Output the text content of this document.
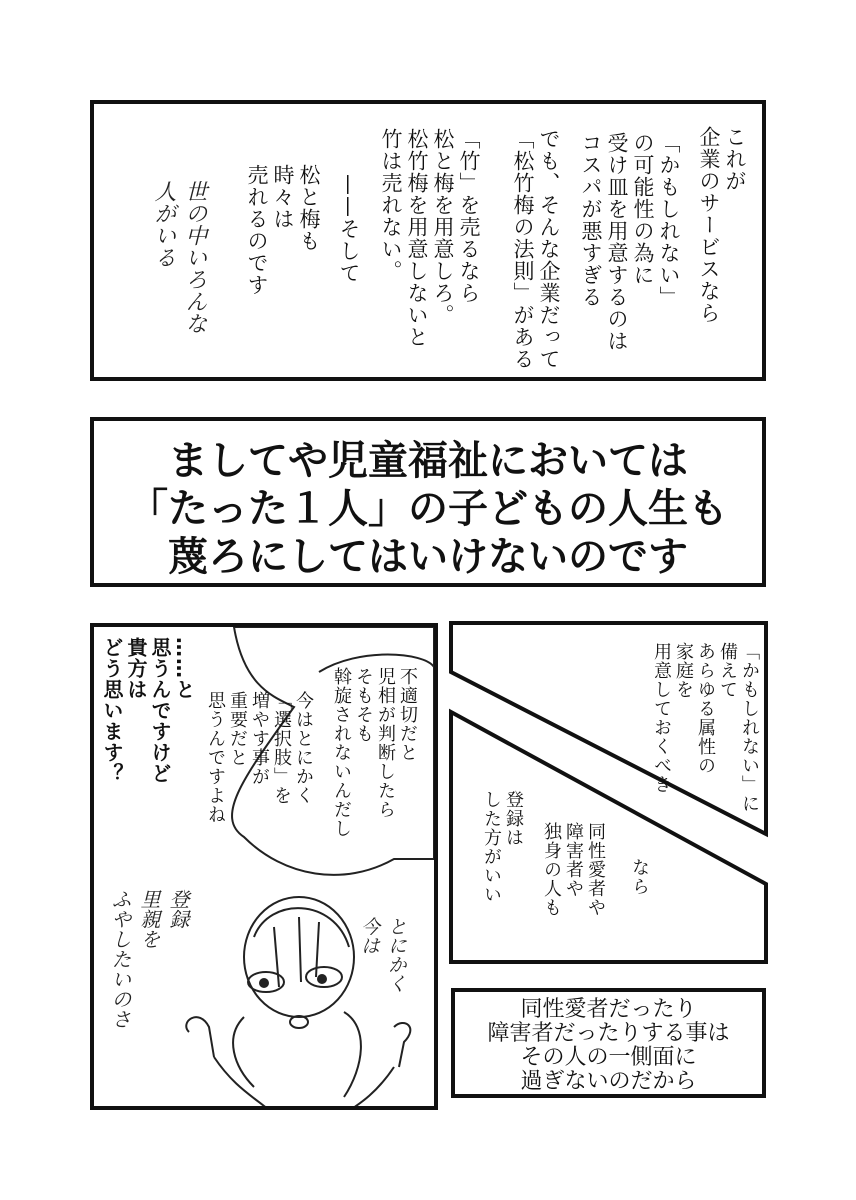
これが
企業のサービスなら
「かもしれない」
の可能性の為に
受け皿を用意するのは
コスパが悪すぎる
でも、そんな企業だって
「松竹梅の法則」がある
「竹」を売るなら
松と梅を用意しろ。
松竹梅を用意しないと
竹は売れない。
——そして
松と梅も
時々は
売れるのです
世の中いろんな
人がいる
ましてや児童福祉においては
「たった１人」の子どもの人生も
蔑ろにしてはいけないのです
不適切だと
児相が判断したら
そもそも
斡旋されないんだし
今はとにかく
「選択肢」を
増やす事が
重要だと
思うんですよね
……と
思うんですけど
貴方は
どう思います？
とにかく
今は
登録
里親を
ふやしたいのさ
「かもしれない」に
備えて
あらゆる属性の
家庭を
用意しておくべき
同性愛者や
障害者や
独身の人も	なら
登録は
した方がいい
同性愛者だったり
障害者だったりする事は
その人の一側面に
過ぎないのだから
